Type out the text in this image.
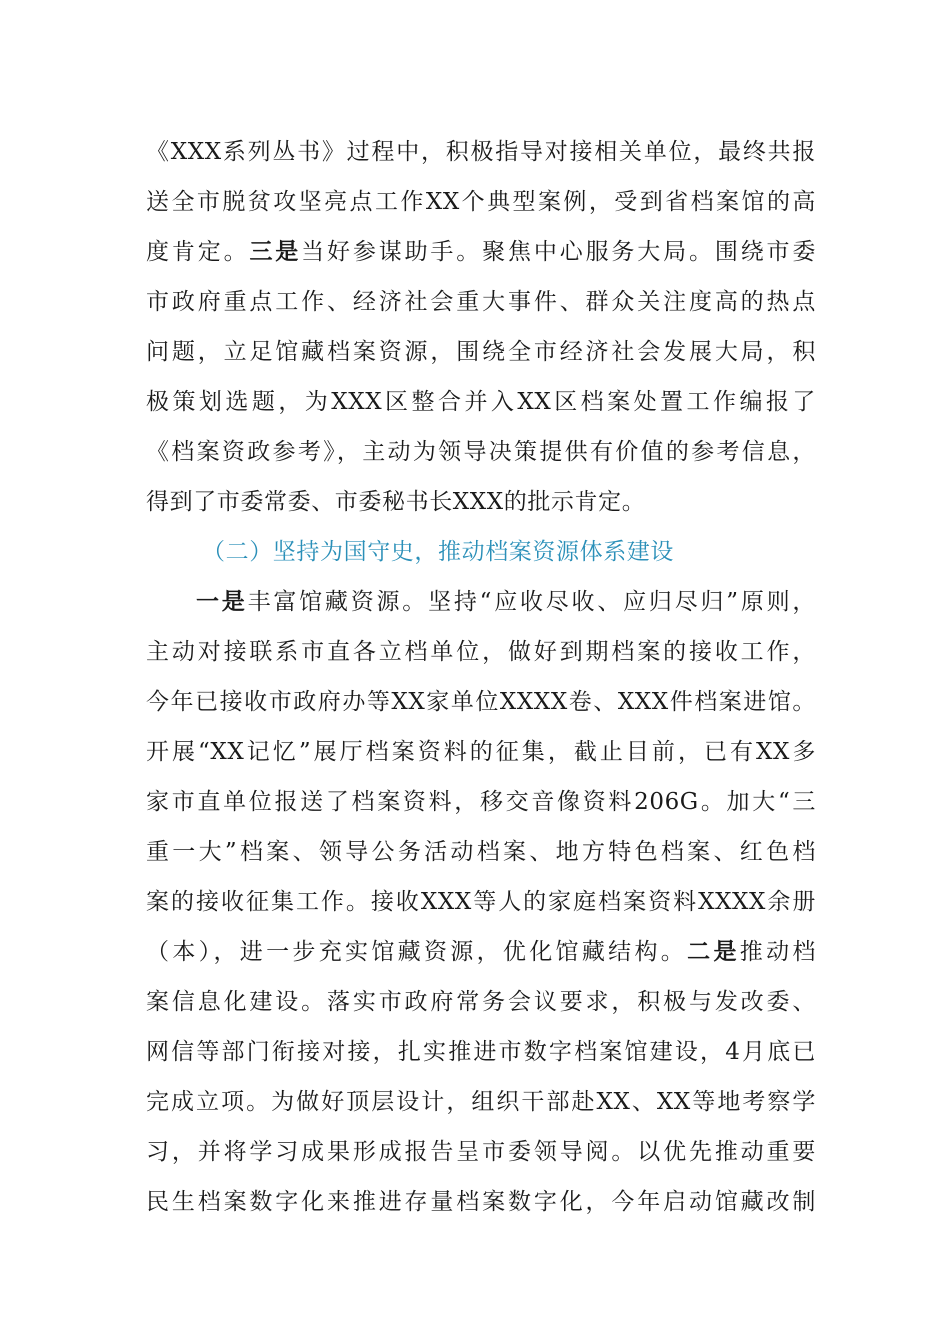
《XXX系列丛书》过程中，积极指导对接相关单位，最终共报
送全市脱贫攻坚亮点工作XX个典型案例，受到省档案馆的高
度肯定。三是当好参谋助手。聚焦中心服务大局。围绕市委
市政府重点工作、经济社会重大事件、群众关注度高的热点
问题，立足馆藏档案资源，围绕全市经济社会发展大局，积
极策划选题，为XXX区整合并入XX区档案处置工作编报了
《档案资政参考》，主动为领导决策提供有价值的参考信息，
得到了市委常委、市委秘书长XXX的批示肯定。
（二）坚持为国守史，推动档案资源体系建设
一是丰富馆藏资源。坚持“应收尽收、应归尽归”原则，
主动对接联系市直各立档单位，做好到期档案的接收工作，
今年已接收市政府办等XX家单位XXXX卷、XXX件档案进馆。
开展“XX记忆”展厅档案资料的征集，截止目前，已有XX多
家市直单位报送了档案资料，移交音像资料206G。加大“三
重一大”档案、领导公务活动档案、地方特色档案、红色档
案的接收征集工作。接收XXX等人的家庭档案资料XXXX余册
（本），进一步充实馆藏资源，优化馆藏结构。二是推动档
案信息化建设。落实市政府常务会议要求，积极与发改委、
网信等部门衔接对接，扎实推进市数字档案馆建设，4月底已
完成立项。为做好顶层设计，组织干部赴XX、XX等地考察学
习，并将学习成果形成报告呈市委领导阅。以优先推动重要
民生档案数字化来推进存量档案数字化，今年启动馆藏改制
